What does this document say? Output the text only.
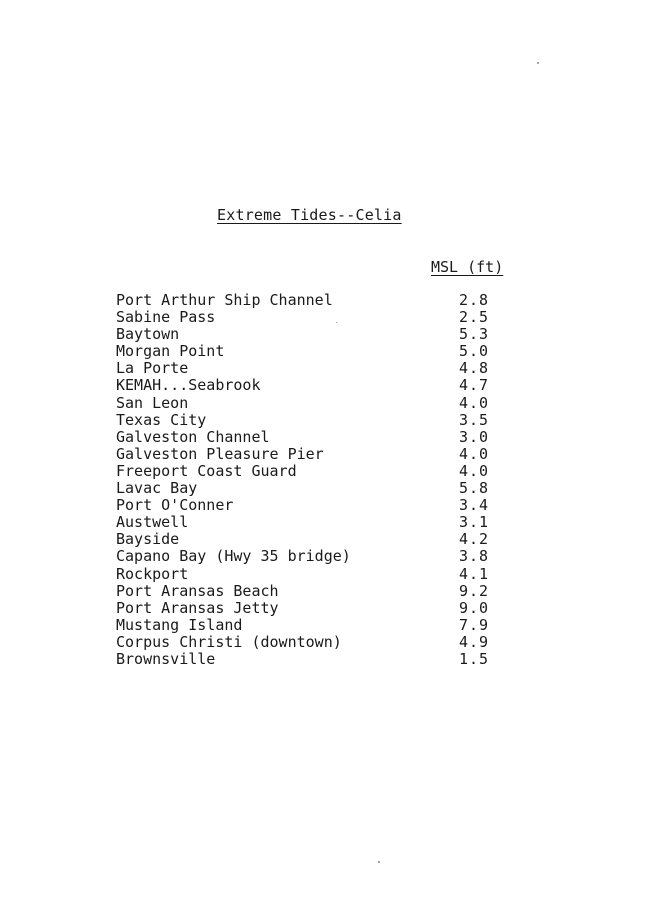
Extreme Tides--Celia
MSL (ft)
Port Arthur Ship Channel	2.8
Sabine Pass	2.5
Baytown	5.3
Morgan Point	5.0
La Porte	4.8
KEMAH...Seabrook	4.7
San Leon	4.0
Texas City	3.5
Galveston Channel	3.0
Galveston Pleasure Pier	4.0
Freeport Coast Guard	4.0
Lavac Bay	5.8
Port O'Conner	3.4
Austwell	3.1
Bayside	4.2
Capano Bay (Hwy 35 bridge)	3.8
Rockport	4.1
Port Aransas Beach	9.2
Port Aransas Jetty	9.0
Mustang Island	7.9
Corpus Christi (downtown)	4.9
Brownsville	1.5
